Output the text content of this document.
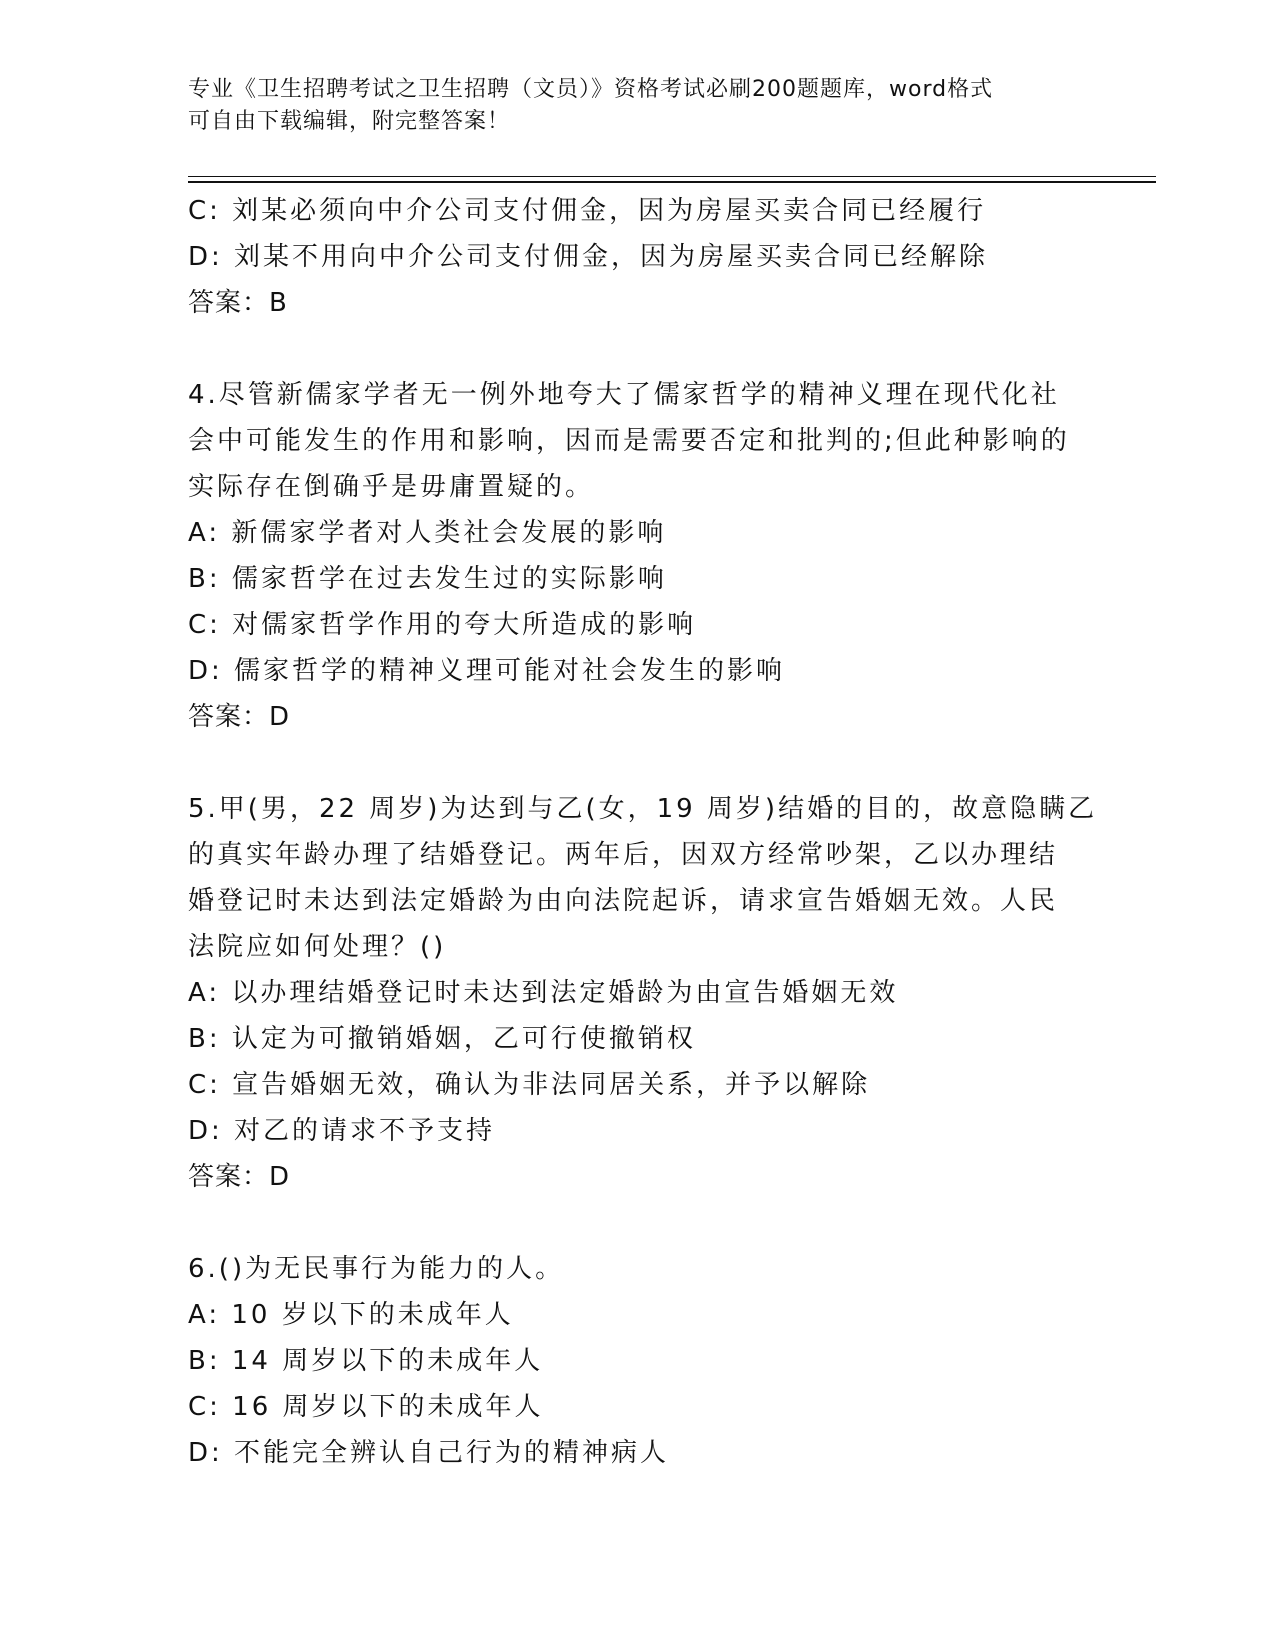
专业《卫生招聘考试之卫生招聘（文员）》资格考试必刷200题题库，word格式
可自由下载编辑，附完整答案！
C: 刘某必须向中介公司支付佣金，因为房屋买卖合同已经履行
D: 刘某不用向中介公司支付佣金，因为房屋买卖合同已经解除
答案：B
4.尽管新儒家学者无一例外地夸大了儒家哲学的精神义理在现代化社
会中可能发生的作用和影响，因而是需要否定和批判的;但此种影响的
实际存在倒确乎是毋庸置疑的。
A: 新儒家学者对人类社会发展的影响
B: 儒家哲学在过去发生过的实际影响
C: 对儒家哲学作用的夸大所造成的影响
D: 儒家哲学的精神义理可能对社会发生的影响
答案：D
5.甲(男，22 周岁)为达到与乙(女，19 周岁)结婚的目的，故意隐瞒乙
的真实年龄办理了结婚登记。两年后，因双方经常吵架，乙以办理结
婚登记时未达到法定婚龄为由向法院起诉，请求宣告婚姻无效。人民
法院应如何处理？()
A: 以办理结婚登记时未达到法定婚龄为由宣告婚姻无效
B: 认定为可撤销婚姻，乙可行使撤销权
C: 宣告婚姻无效，确认为非法同居关系，并予以解除
D: 对乙的请求不予支持
答案：D
6.()为无民事行为能力的人。
A: 10 岁以下的未成年人
B: 14 周岁以下的未成年人
C: 16 周岁以下的未成年人
D: 不能完全辨认自己行为的精神病人
